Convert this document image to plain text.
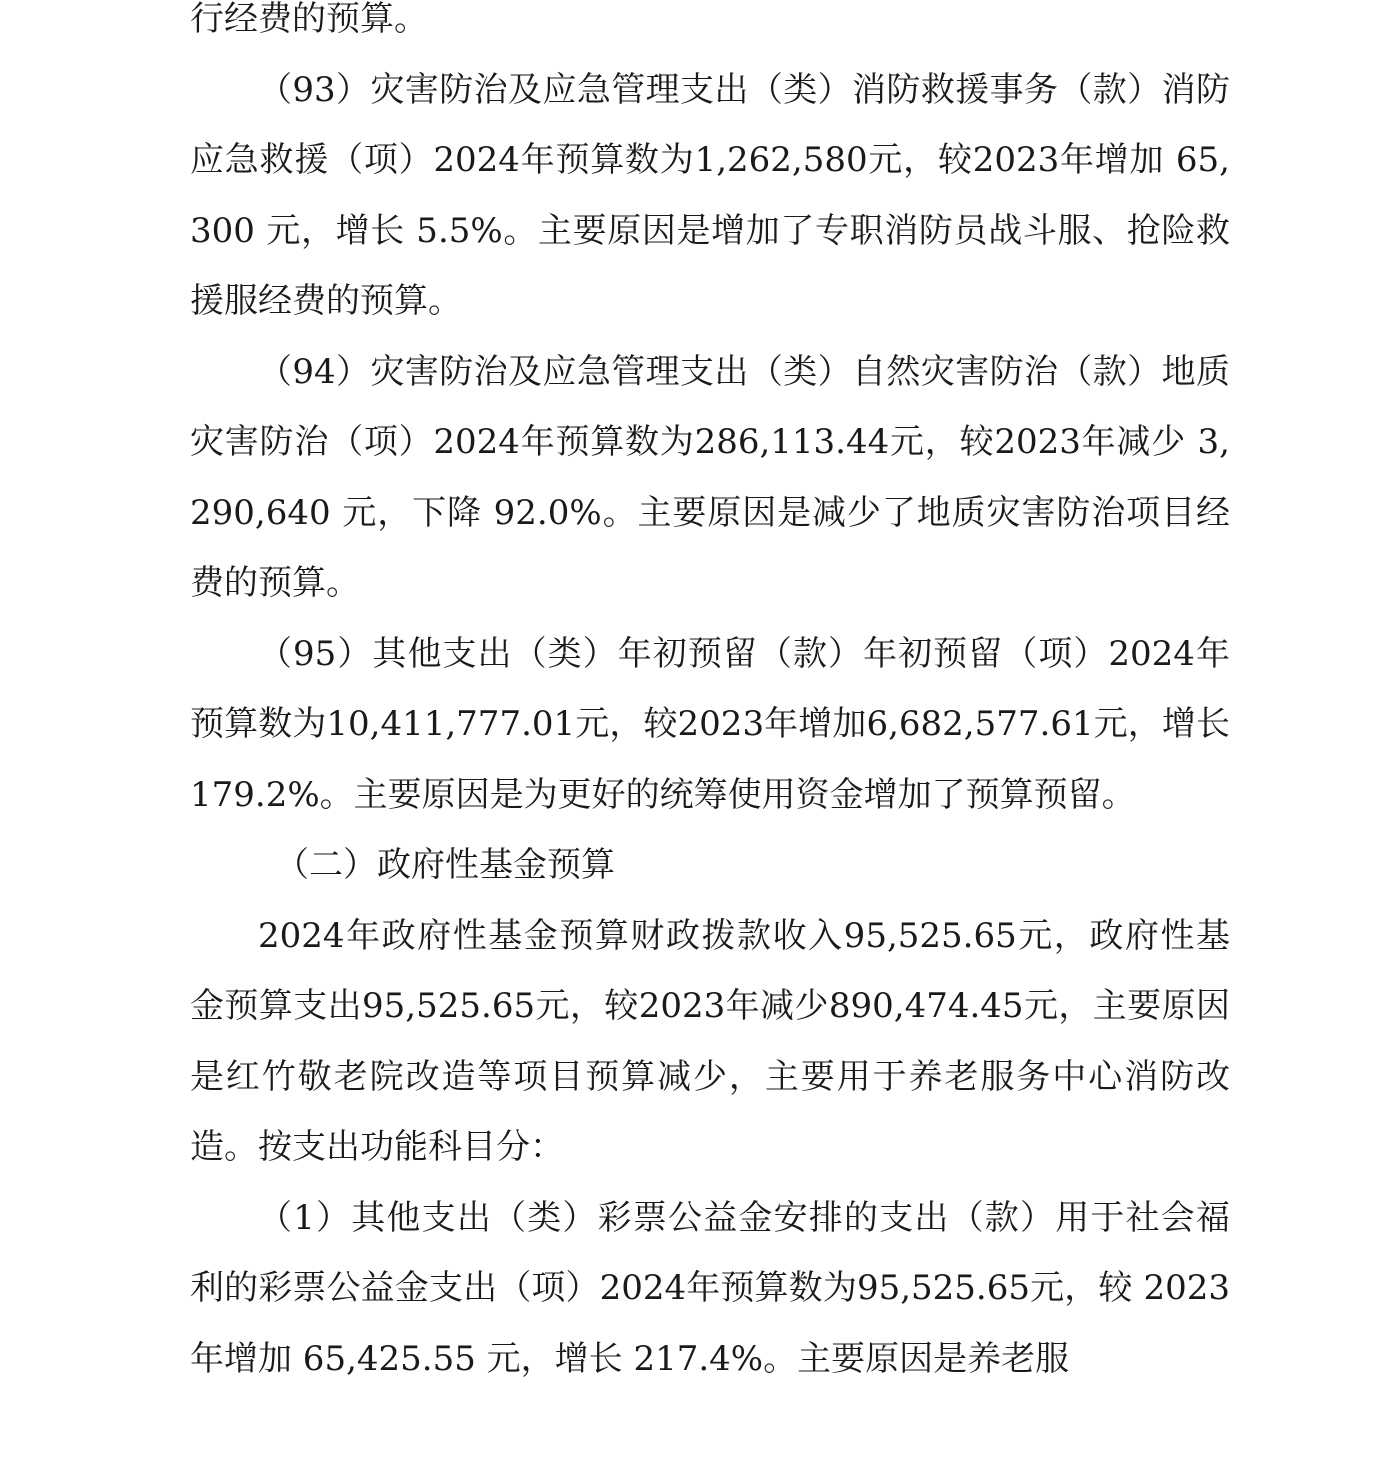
行经费的预算。

（93）灾害防治及应急管理支出（类）消防救援事务（款）消防应急救援（项）2024年预算数为1,262,580元，较2023年增加 65,300 元，增长 5.5%。主要原因是增加了专职消防员战斗服、抢险救援服经费的预算。

（94）灾害防治及应急管理支出（类）自然灾害防治（款）地质灾害防治（项）2024年预算数为286,113.44元，较2023年减少 3,290,640 元，下降 92.0%。主要原因是减少了地质灾害防治项目经费的预算。

（95）其他支出（类）年初预留（款）年初预留（项）2024年预算数为10,411,777.01元，较2023年增加6,682,577.61元，增长 179.2%。主要原因是为更好的统筹使用资金增加了预算预留。

（二）政府性基金预算

2024年政府性基金预算财政拨款收入95,525.65元，政府性基金预算支出95,525.65元，较2023年减少890,474.45元，主要原因是红竹敬老院改造等项目预算减少，主要用于养老服务中心消防改造。按支出功能科目分：

（1）其他支出（类）彩票公益金安排的支出（款）用于社会福利的彩票公益金支出（项）2024年预算数为95,525.65元，较 2023 年增加 65,425.55 元，增长 217.4%。主要原因是养老服
